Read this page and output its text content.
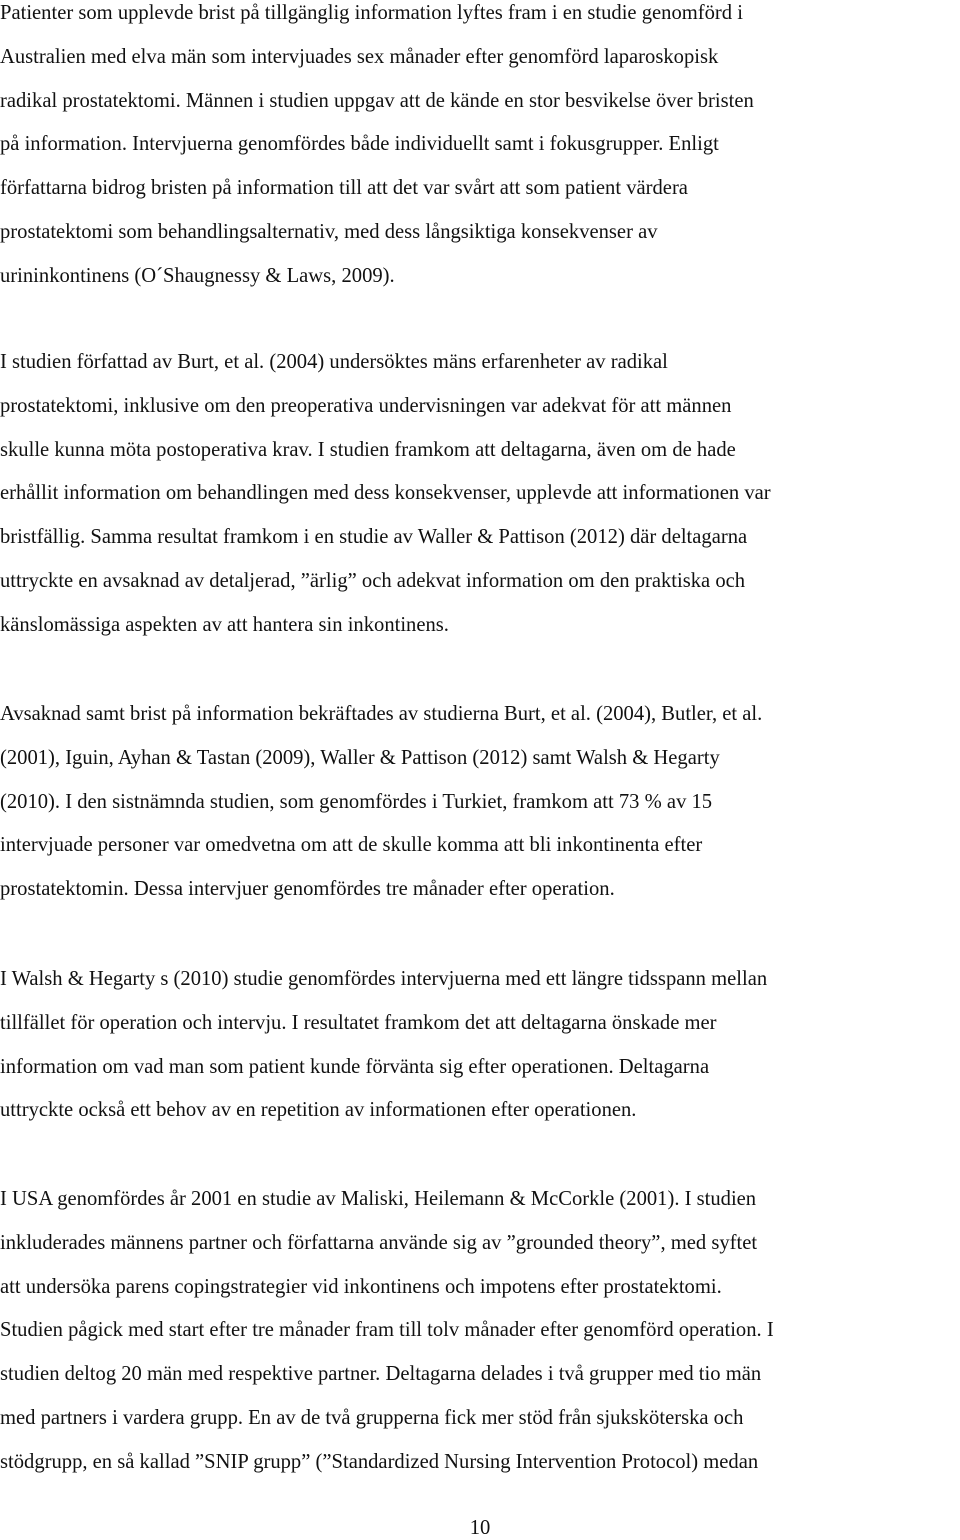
Patienter som upplevde brist på tillgänglig information lyftes fram i en studie genomförd i
Australien med elva män som intervjuades sex månader efter genomförd laparoskopisk
radikal prostatektomi. Männen i studien uppgav att de kände en stor besvikelse över bristen
på information. Intervjuerna genomfördes både individuellt samt i fokusgrupper. Enligt
författarna bidrog bristen på information till att det var svårt att som patient värdera
prostatektomi som behandlingsalternativ, med dess långsiktiga konsekvenser av
urininkontinens (O´Shaugnessy & Laws, 2009).
I studien författad av Burt, et al. (2004) undersöktes mäns erfarenheter av radikal
prostatektomi, inklusive om den preoperativa undervisningen var adekvat för att männen
skulle kunna möta postoperativa krav. I studien framkom att deltagarna, även om de hade
erhållit information om behandlingen med dess konsekvenser, upplevde att informationen var
bristfällig. Samma resultat framkom i en studie av Waller & Pattison (2012) där deltagarna
uttryckte en avsaknad av detaljerad, ”ärlig” och adekvat information om den praktiska och
känslomässiga aspekten av att hantera sin inkontinens.
Avsaknad samt brist på information bekräftades av studierna Burt, et al. (2004), Butler, et al.
(2001), Iguin, Ayhan & Tastan (2009), Waller & Pattison (2012) samt Walsh & Hegarty
(2010). I den sistnämnda studien, som genomfördes i Turkiet, framkom att 73 % av 15
intervjuade personer var omedvetna om att de skulle komma att bli inkontinenta efter
prostatektomin. Dessa intervjuer genomfördes tre månader efter operation.
I Walsh & Hegarty s (2010) studie genomfördes intervjuerna med ett längre tidsspann mellan
tillfället för operation och intervju. I resultatet framkom det att deltagarna önskade mer
information om vad man som patient kunde förvänta sig efter operationen. Deltagarna
uttryckte också ett behov av en repetition av informationen efter operationen.
I USA genomfördes år 2001 en studie av Maliski, Heilemann & McCorkle (2001). I studien
inkluderades männens partner och författarna använde sig av ”grounded theory”, med syftet
att undersöka parens copingstrategier vid inkontinens och impotens efter prostatektomi.
Studien pågick med start efter tre månader fram till tolv månader efter genomförd operation. I
studien deltog 20 män med respektive partner. Deltagarna delades i två grupper med tio män
med partners i vardera grupp. En av de två grupperna fick mer stöd från sjuksköterska och
stödgrupp, en så kallad ”SNIP grupp” (”Standardized Nursing Intervention Protocol) medan
10
